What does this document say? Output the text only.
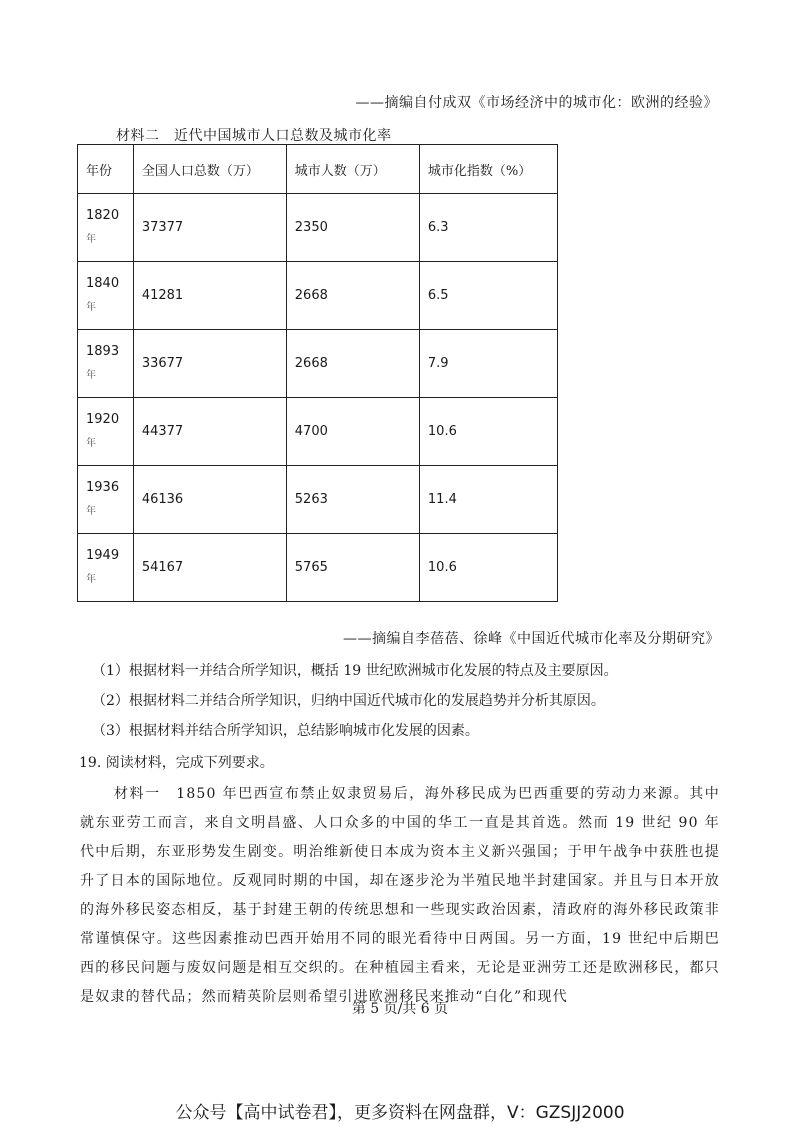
——摘编自付成双《市场经济中的城市化：欧洲的经验》
材料二　近代中国城市人口总数及城市化率
年份	全国人口总数（万）	城市人数（万）	城市化指数（%）

1820
年	37377	2350	6.3

1840
年	41281	2668	6.5

1893
年	33677	2668	7.9

1920
年	44377	4700	10.6

1936
年	46136	5263	11.4

1949
年	54167	5765	10.6
——摘编自李蓓蓓、徐峰《中国近代城市化率及分期研究》
（1）根据材料一并结合所学知识，概括 19 世纪欧洲城市化发展的特点及主要原因。
（2）根据材料二并结合所学知识，归纳中国近代城市化的发展趋势并分析其原因。
（3）根据材料并结合所学知识，总结影响城市化发展的因素。
19. 阅读材料，完成下列要求。
材料一　1850 年巴西宣布禁止奴隶贸易后，海外移民成为巴西重要的劳动力来源。其中就东亚劳工而言，来自文明昌盛、人口众多的中国的华工一直是其首选。然而 19 世纪 90 年代中后期，东亚形势发生剧变。明治维新使日本成为资本主义新兴强国；于甲午战争中获胜也提升了日本的国际地位。反观同时期的中国，却在逐步沦为半殖民地半封建国家。并且与日本开放的海外移民姿态相反，基于封建王朝的传统思想和一些现实政治因素，清政府的海外移民政策非常谨慎保守。这些因素推动巴西开始用不同的眼光看待中日两国。另一方面，19 世纪中后期巴西的移民问题与废奴问题是相互交织的。在种植园主看来，无论是亚洲劳工还是欧洲移民，都只是奴隶的替代品；然而精英阶层则希望引进欧洲移民来推动“白化”和现代
第 5 页/共 6 页
公众号【高中试卷君】，更多资料在网盘群，V：GZSJJ2000
